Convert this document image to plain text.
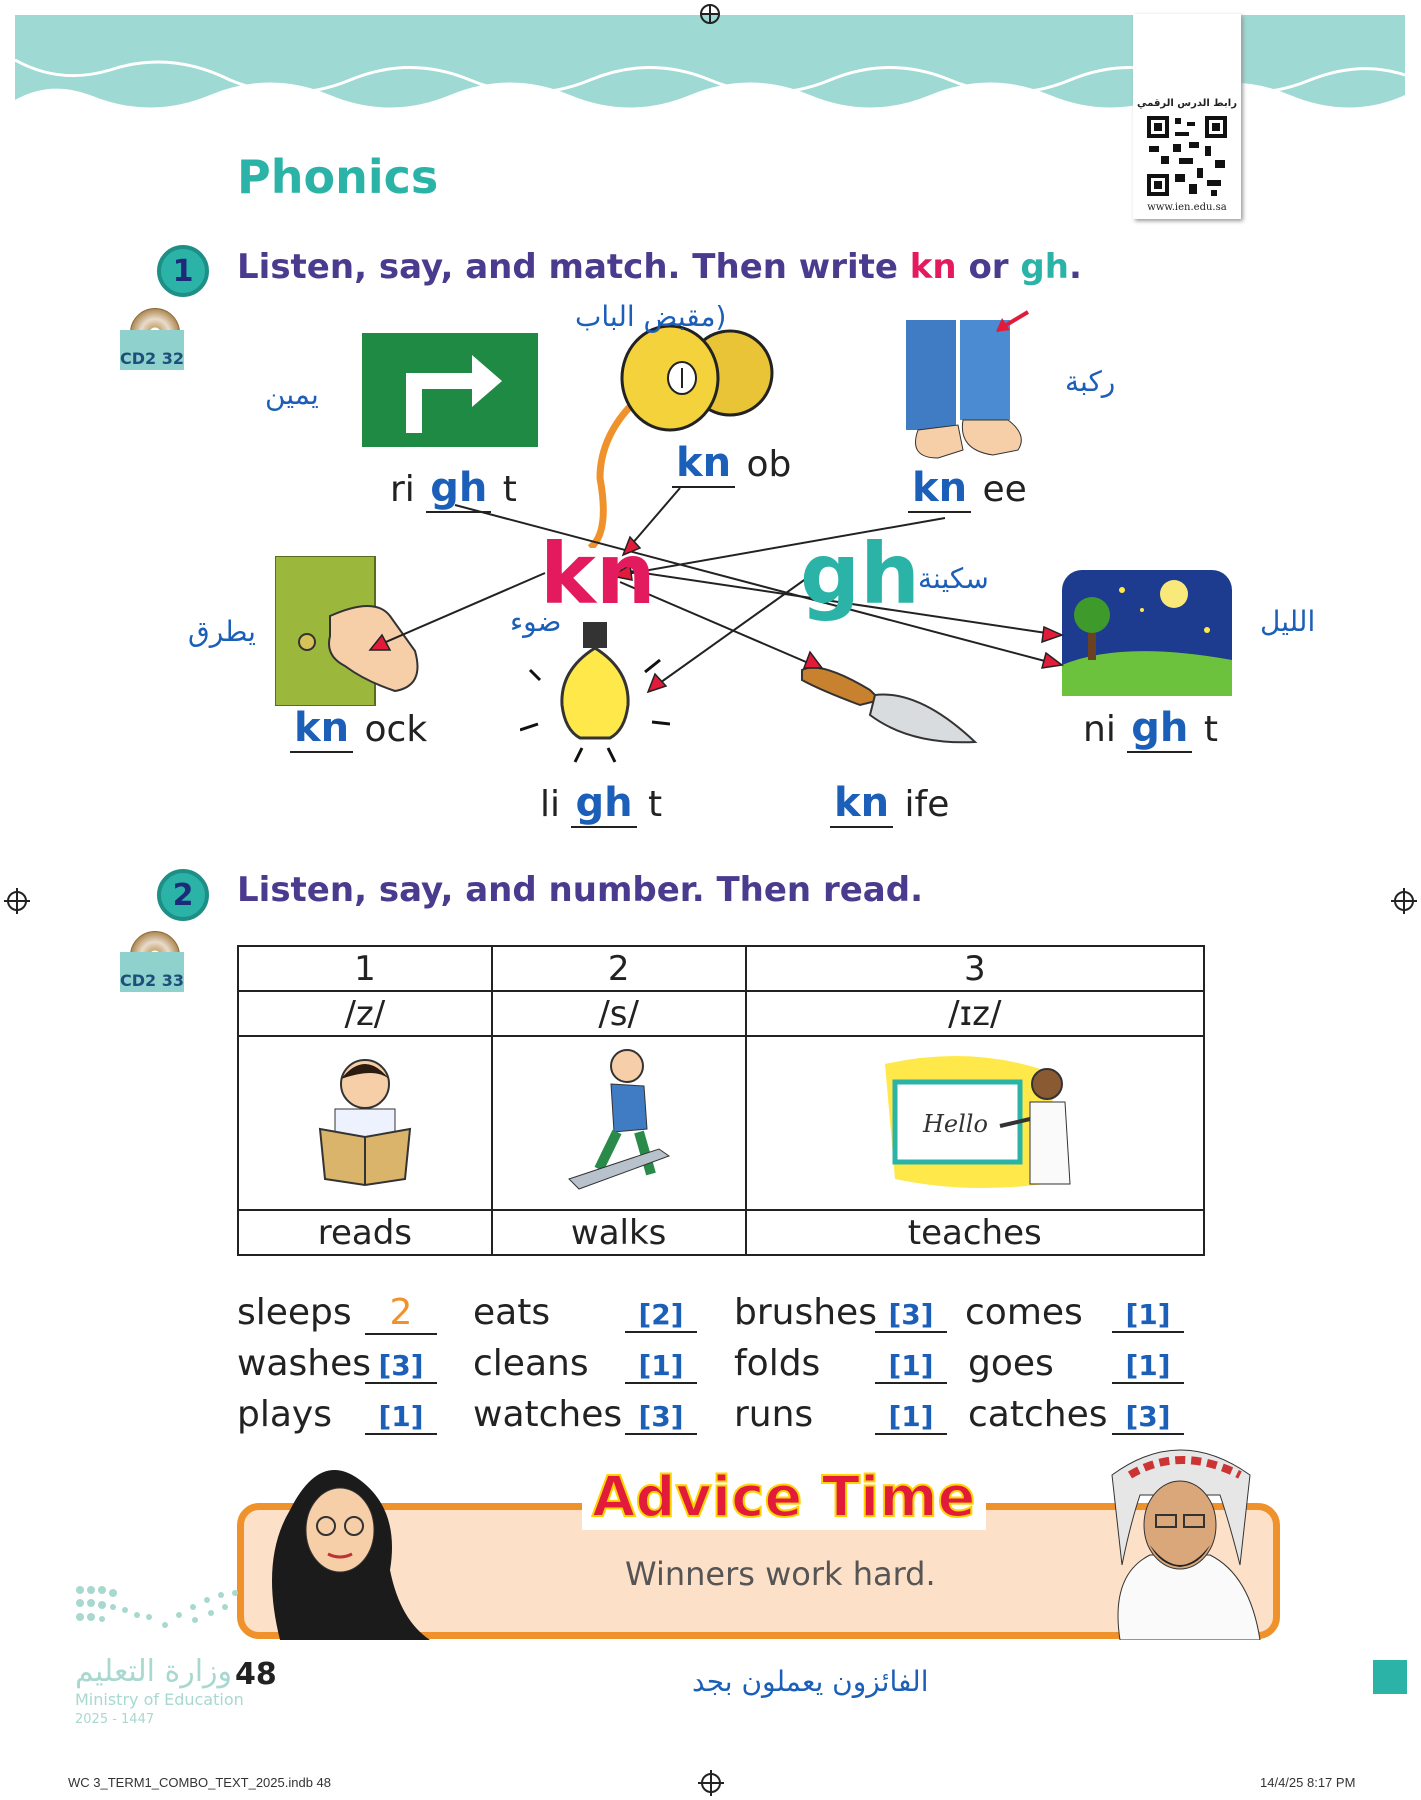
رابط الدرس الرقمي
www.ien.edu.sa
Phonics
1	Listen, say, and match. Then write kn or gh.
CD2 32
kn gh
ri gh t
kn ob
kn ee
kn ock
li gh t	kn ife
ni gh t
يمين
مقبض الباب)
ركبة
يطرق	ضوء
سكينة
الليل
2	Listen, say, and number. Then read.
CD2 33	1	2	3
/z/	/s/	/ɪz/

Hello

reads	walks	teaches
sleeps	2	eats	[2]	brushes [3] comes	[1]
washes [3]	cleans	[1]	folds	[1] goes	[1]
plays	[1]	watches [3]	runs	[1] catches [3]
Advice Time
Winners work hard.
وزارة التعليم 48
Ministry of Education
2025 - 1447
الفائزون يعملون بجد
WC 3_TERM1_COMBO_TEXT_2025.indb 48	14/4/25 8:17 PM
